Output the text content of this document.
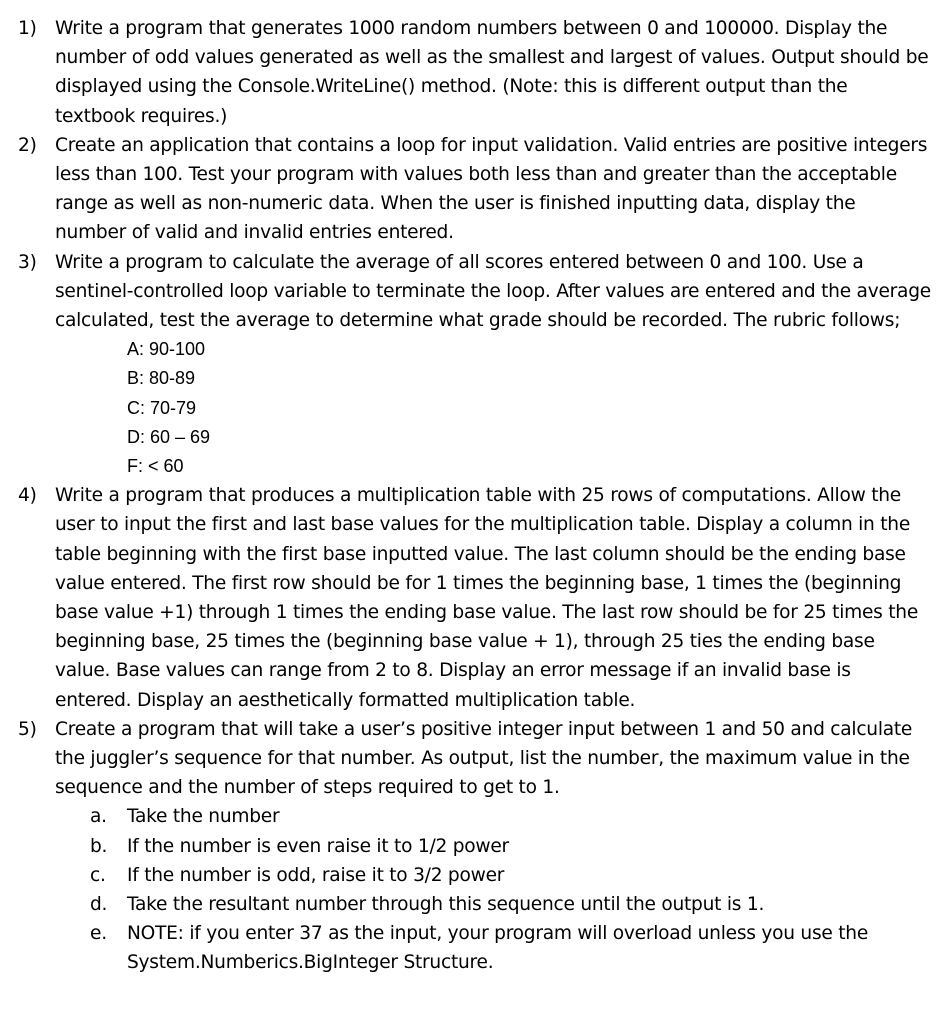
1) Write a program that generates 1000 random numbers between 0 and 100000. Display the number of odd values generated as well as the smallest and largest of values. Output should be displayed using the Console.WriteLine() method. (Note: this is different output than the textbook requires.)
2) Create an application that contains a loop for input validation. Valid entries are positive integers less than 100. Test your program with values both less than and greater than the acceptable range as well as non-numeric data. When the user is finished inputting data, display the number of valid and invalid entries entered.
3) Write a program to calculate the average of all scores entered between 0 and 100. Use a sentinel-controlled loop variable to terminate the loop. After values are entered and the average calculated, test the average to determine what grade should be recorded. The rubric follows;
A: 90-100
B: 80-89
C: 70-79
D: 60 – 69
F: < 60
4) Write a program that produces a multiplication table with 25 rows of computations. Allow the user to input the first and last base values for the multiplication table. Display a column in the table beginning with the first base inputted value. The last column should be the ending base value entered. The first row should be for 1 times the beginning base, 1 times the (beginning base value +1) through 1 times the ending base value. The last row should be for 25 times the beginning base, 25 times the (beginning base value + 1), through 25 ties the ending base value. Base values can range from 2 to 8. Display an error message if an invalid base is entered. Display an aesthetically formatted multiplication table.
5) Create a program that will take a user’s positive integer input between 1 and 50 and calculate the juggler’s sequence for that number. As output, list the number, the maximum value in the sequence and the number of steps required to get to 1.
a. Take the number
b. If the number is even raise it to 1/2 power
c. If the number is odd, raise it to 3/2 power
d. Take the resultant number through this sequence until the output is 1.
e. NOTE: if you enter 37 as the input, your program will overload unless you use the System.Numberics.BigInteger Structure.
